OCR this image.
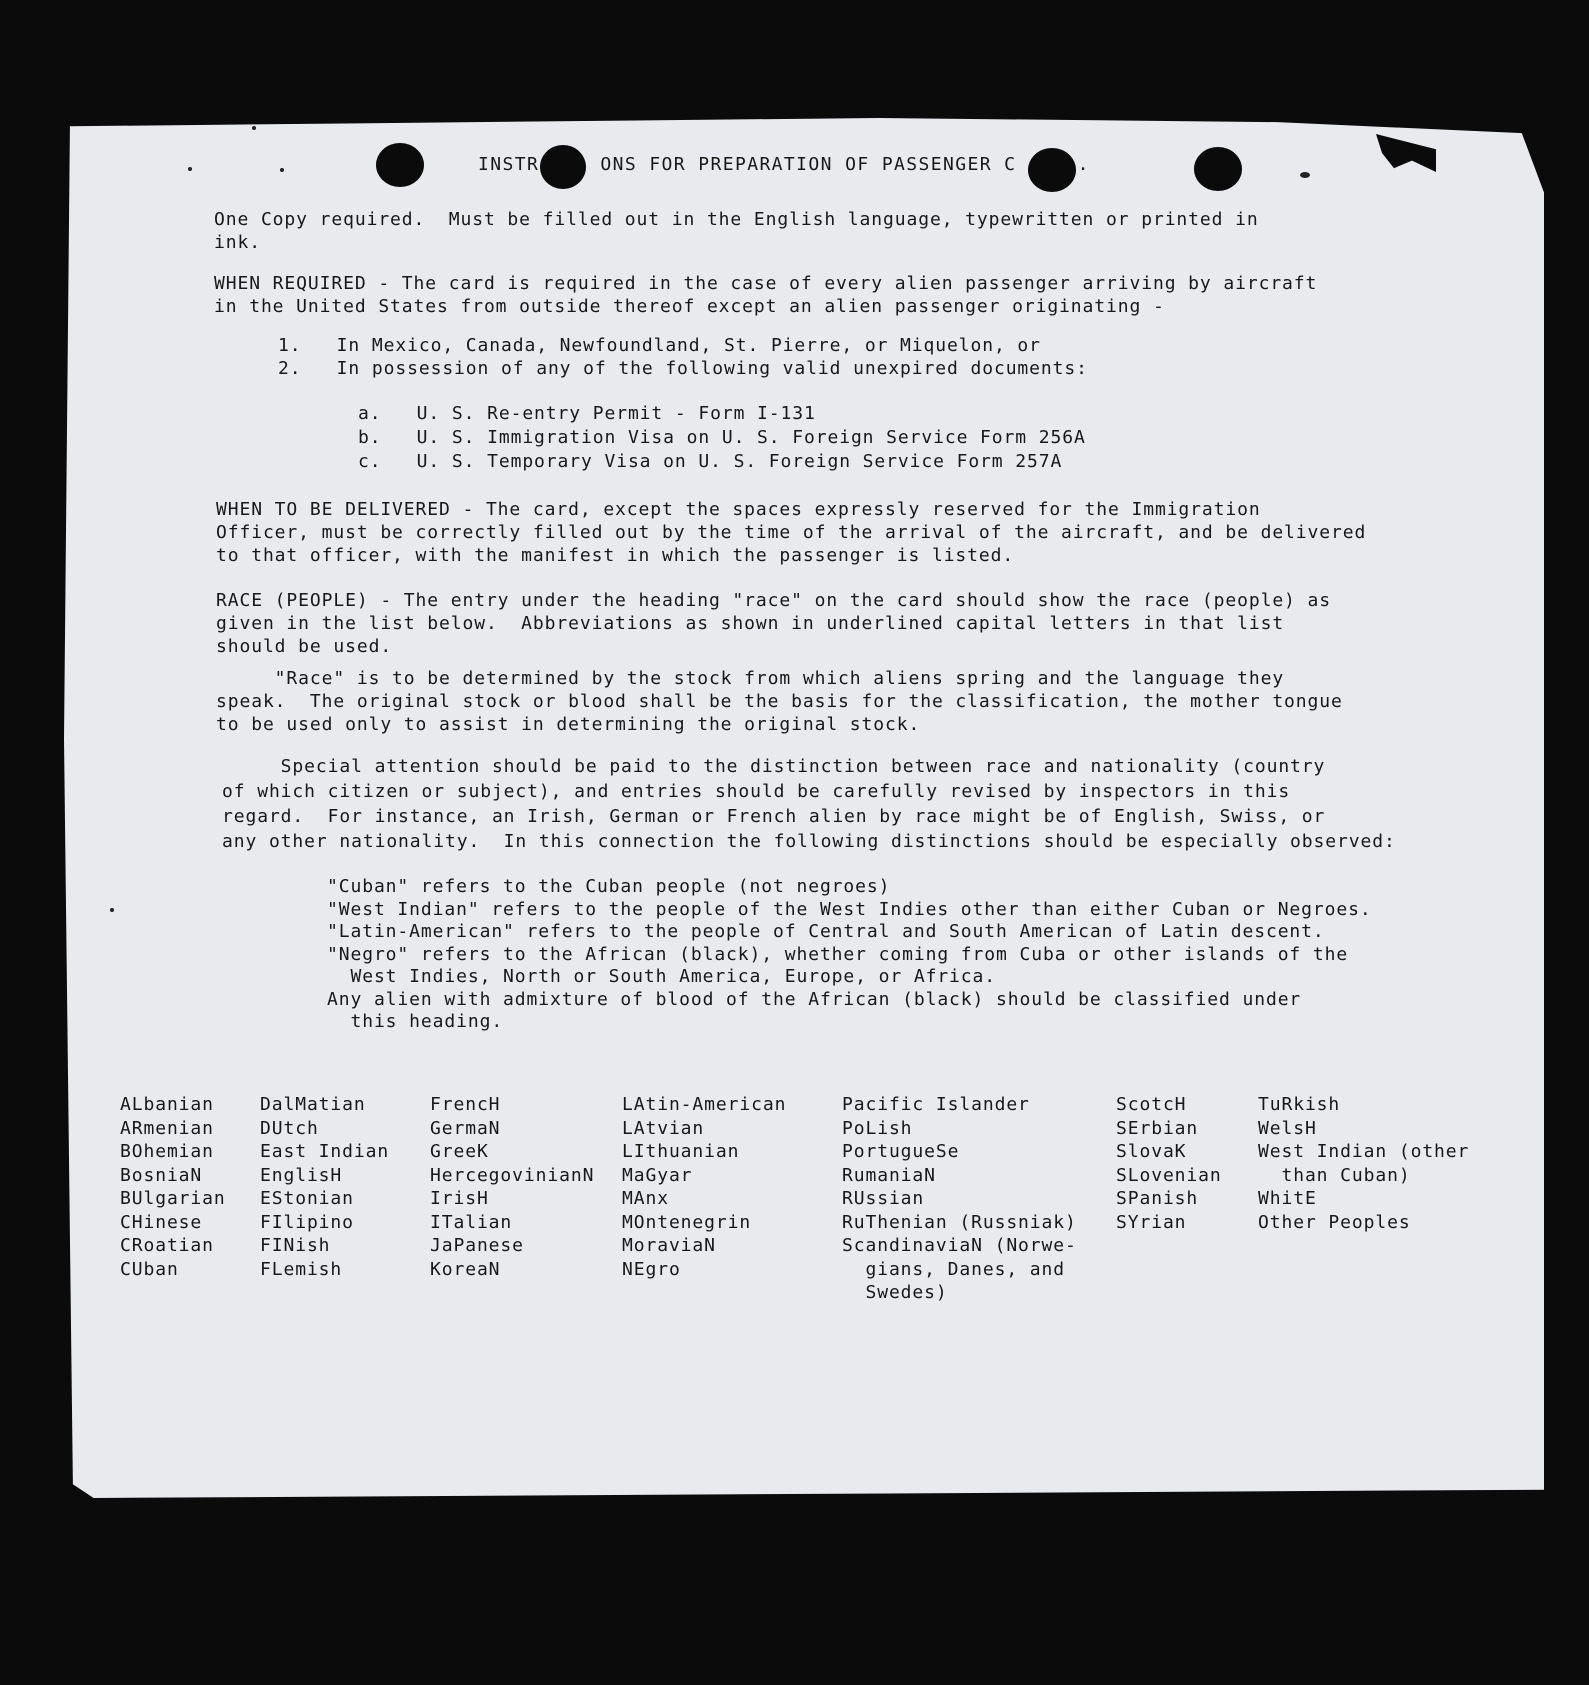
INSTR     ONS FOR PREPARATION OF PASSENGER C     .
One Copy required.  Must be filled out in the English language, typewritten or printed in
ink.
WHEN REQUIRED - The card is required in the case of every alien passenger arriving by aircraft
in the United States from outside thereof except an alien passenger originating -
1.   In Mexico, Canada, Newfoundland, St. Pierre, or Miquelon, or
2.   In possession of any of the following valid unexpired documents:
a.   U. S. Re-entry Permit - Form I-131
b.   U. S. Immigration Visa on U. S. Foreign Service Form 256A
c.   U. S. Temporary Visa on U. S. Foreign Service Form 257A
WHEN TO BE DELIVERED - The card, except the spaces expressly reserved for the Immigration
Officer, must be correctly filled out by the time of the arrival of the aircraft, and be delivered
to that officer, with the manifest in which the passenger is listed.
RACE (PEOPLE) - The entry under the heading "race" on the card should show the race (people) as
given in the list below.  Abbreviations as shown in underlined capital letters in that list
should be used.
"Race" is to be determined by the stock from which aliens spring and the language they
speak.  The original stock or blood shall be the basis for the classification, the mother tongue
to be used only to assist in determining the original stock.
Special attention should be paid to the distinction between race and nationality (country
of which citizen or subject), and entries should be carefully revised by inspectors in this
regard.  For instance, an Irish, German or French alien by race might be of English, Swiss, or
any other nationality.  In this connection the following distinctions should be especially observed:
"Cuban" refers to the Cuban people (not negroes)
"West Indian" refers to the people of the West Indies other than either Cuban or Negroes.
"Latin-American" refers to the people of Central and South American of Latin descent.
"Negro" refers to the African (black), whether coming from Cuba or other islands of the
West Indies, North or South America, Europe, or Africa.
Any alien with admixture of blood of the African (black) should be classified under
this heading.
ALbanian
ARmenian
BOhemian
BosniaN
BUlgarian
CHinese
CRoatian
CUban
DalMatian
DUtch
East Indian
EnglisH
EStonian
FIlipino
FINish
FLemish
FrencH
GermaN
GreeK
HercegovinianN
IrisH
ITalian
JaPanese
KoreaN
LAtin-American
LAtvian
LIthuanian
MaGyar
MAnx
MOntenegrin
MoraviaN
NEgro
Pacific Islander
PoLish
PortugueSe
RumaniaN
RUssian
RuThenian (Russniak)
ScandinaviaN (Norwe-
gians, Danes, and
Swedes)
ScotcH
SErbian
SlovaK
SLovenian
SPanish
SYrian
TuRkish
WelsH
West Indian (other
than Cuban)
WhitE
Other Peoples
